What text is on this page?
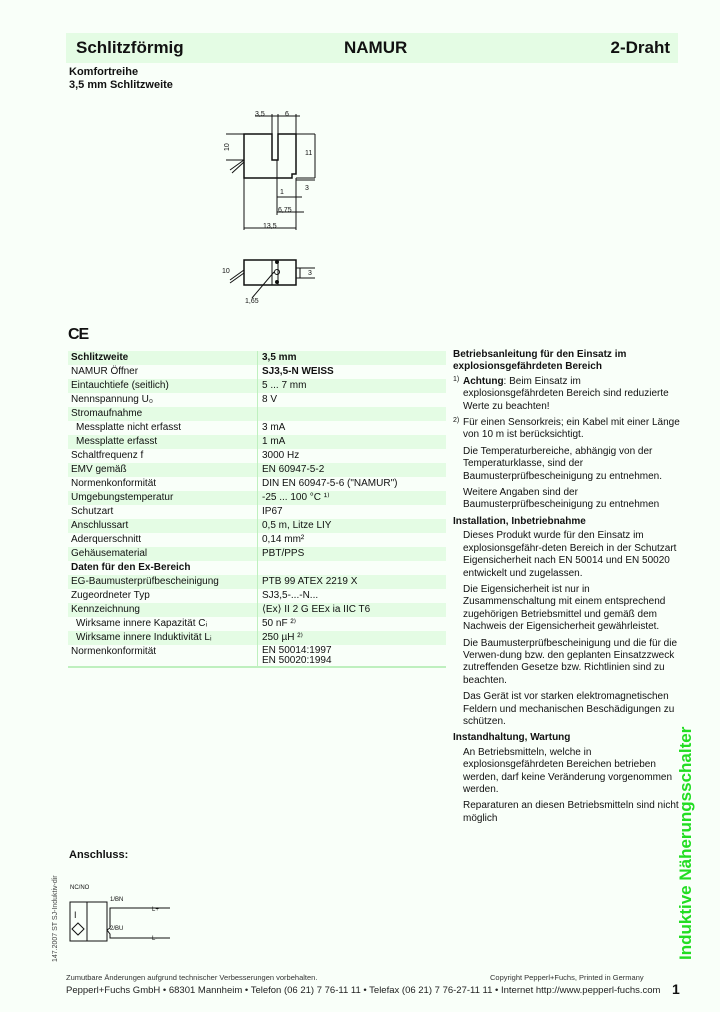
Schlitzförmig	NAMUR	2-Draht
Komfortreihe
3,5 mm Schlitzweite
3,5	6
10
11
3
1
6,75
13,5
10	3
1,65
CE
Schlitzweite	3,5 mm
NAMUR Öffner	SJ3,5-N WEISS
Eintauchtiefe (seitlich)	5 ... 7 mm
Nennspannung U₀	8 V
Stromaufnahme
Messplatte nicht erfasst	3 mA
Messplatte erfasst	1 mA
Schaltfrequenz f	3000 Hz
EMV gemäß	EN 60947-5-2
Normenkonformität	DIN EN 60947-5-6 ("NAMUR")
Umgebungstemperatur	-25 ... 100 °C ¹⁾
Schutzart	IP67
Anschlussart	0,5 m, Litze LIY
Aderquerschnitt	0,14 mm²
Gehäusematerial	PBT/PPS
Daten für den Ex-Bereich
EG-Baumusterprüfbescheinigung	PTB 99 ATEX 2219 X
Zugeordneter Typ	SJ3,5-...-N...
Kennzeichnung	⟨Ex⟩ II 2 G EEx ia IIC T6
Wirksame innere Kapazität Cᵢ	50 nF ²⁾
Wirksame innere Induktivität Lᵢ	250 µH ²⁾
Normenkonformität	EN 50014:1997
EN 50020:1994
Betriebsanleitung für den Einsatz im explosionsgefährdeten Bereich

1) Achtung: Beim Einsatz im explosionsgefährdeten Bereich sind reduzierte Werte zu beachten!

2) Für einen Sensorkreis; ein Kabel mit einer Länge von 10 m ist berücksichtigt.

Die Temperaturbereiche, abhängig von der Temperaturklasse, sind der Baumusterprüfbescheinigung zu entnehmen.

Weitere Angaben sind der Baumusterprüfbescheinigung zu entnehmen

Installation, Inbetriebnahme

Dieses Produkt wurde für den Einsatz im explosionsgefähr-deten Bereich in der Schutzart Eigensicherheit nach EN 50014 und EN 50020 entwickelt und zugelassen.

Die Eigensicherheit ist nur in Zusammenschaltung mit einem entsprechend zugehörigen Betriebsmittel und gemäß dem Nachweis der Eigensicherheit gewährleistet.

Die Baumusterprüfbescheinigung und die für die Verwen-dung bzw. den geplanten Einsatzzweck zutreffenden Gesetze bzw. Richtlinien sind zu beachten.

Das Gerät ist vor starken elektromagnetischen Feldern und mechanischen Beschädigungen zu schützen.

Instandhaltung, Wartung

An Betriebsmitteln, welche in explosionsgefährdeten Bereichen betrieben werden, darf keine Veränderung vorgenommen werden.

Reparaturen an diesen Betriebsmitteln sind nicht möglich

Anschluss:
147.2007 ST SJ-Induktiv-dir NC/NO
1/BN
2/BU
L+
L-
I	Induktive Näherungsschalter
Zumutbare Änderungen aufgrund technischer Verbesserungen vorbehalten.	Copyright Pepperl+Fuchs, Printed in Germany
Pepperl+Fuchs GmbH • 68301 Mannheim • Telefon (06 21) 7 76-11 11 • Telefax (06 21) 7 76-27-11 11 • Internet http://www.pepperl-fuchs.com 1
